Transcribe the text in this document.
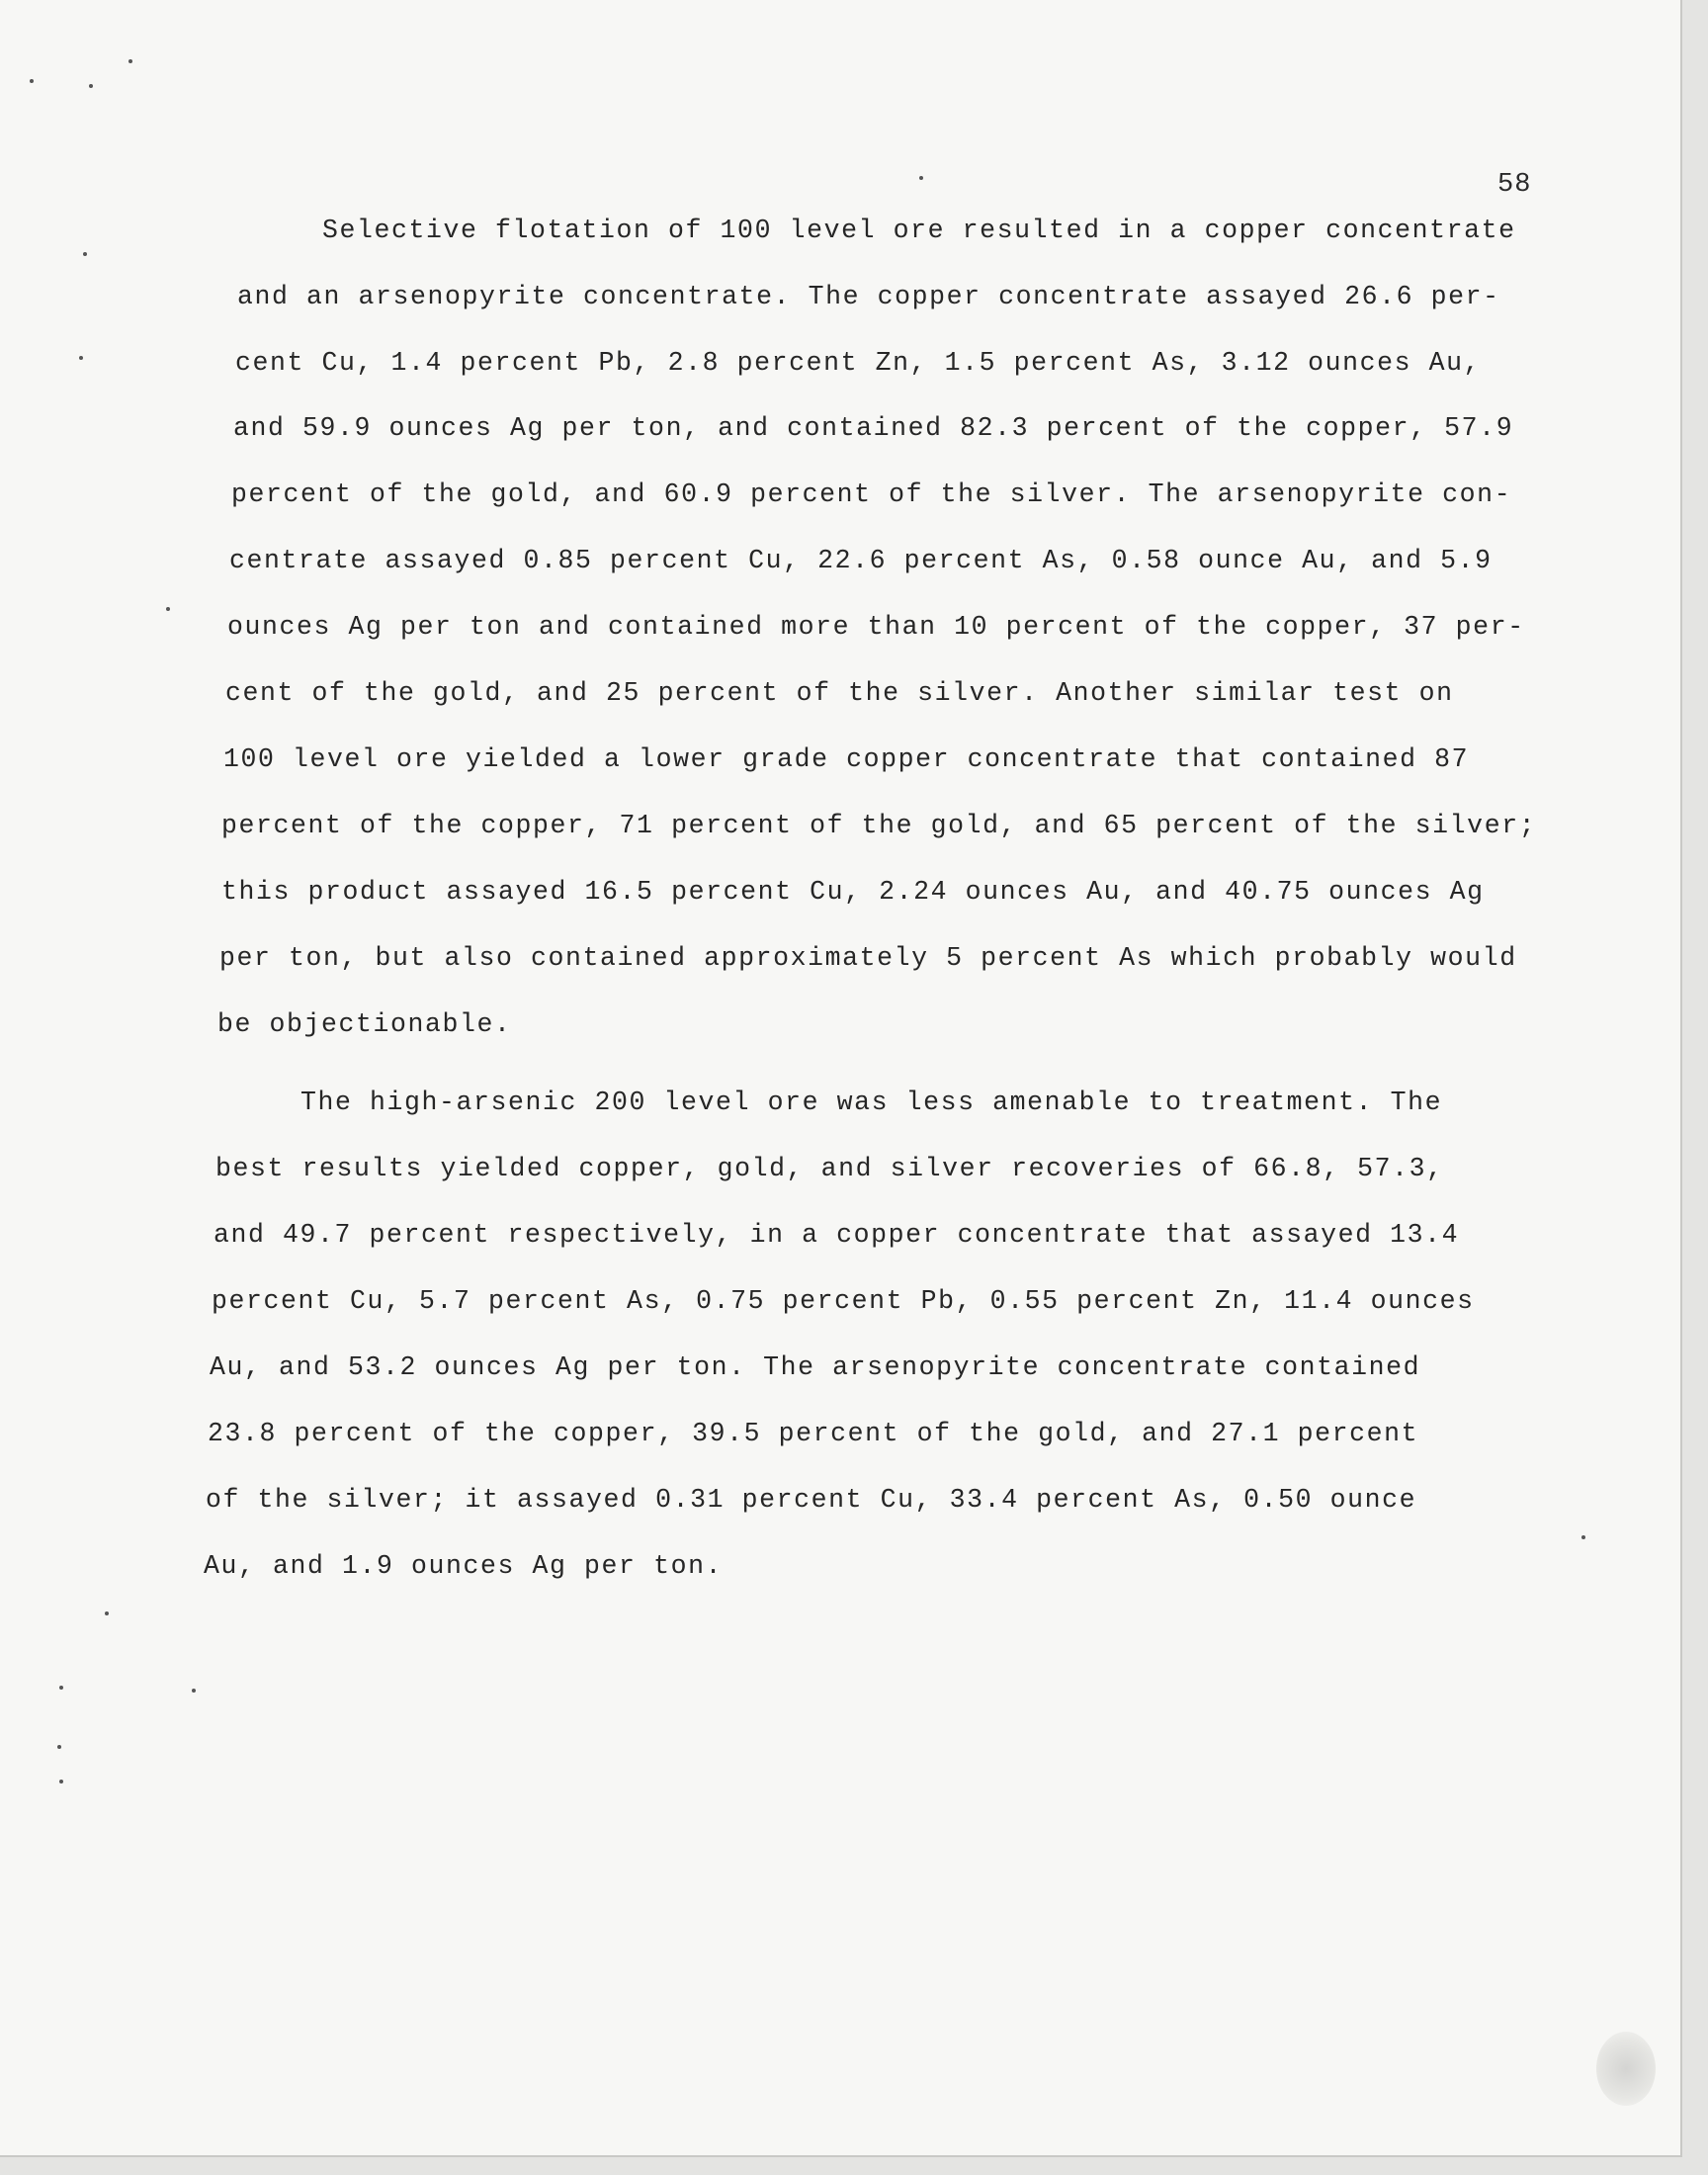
58
Selective flotation of 100 level ore resulted in a copper concentrate
and an arsenopyrite concentrate. The copper concentrate assayed 26.6 per-
cent Cu, 1.4 percent Pb, 2.8 percent Zn, 1.5 percent As, 3.12 ounces Au,
and 59.9 ounces Ag per ton, and contained 82.3 percent of the copper, 57.9
percent of the gold, and 60.9 percent of the silver. The arsenopyrite con-
centrate assayed 0.85 percent Cu, 22.6 percent As, 0.58 ounce Au, and 5.9
ounces Ag per ton and contained more than 10 percent of the copper, 37 per-
cent of the gold, and 25 percent of the silver. Another similar test on
100 level ore yielded a lower grade copper concentrate that contained 87
percent of the copper, 71 percent of the gold, and 65 percent of the silver;
this product assayed 16.5 percent Cu, 2.24 ounces Au, and 40.75 ounces Ag
per ton, but also contained approximately 5 percent As which probably would
be objectionable.
The high-arsenic 200 level ore was less amenable to treatment. The
best results yielded copper, gold, and silver recoveries of 66.8, 57.3,
and 49.7 percent respectively, in a copper concentrate that assayed 13.4
percent Cu, 5.7 percent As, 0.75 percent Pb, 0.55 percent Zn, 11.4 ounces
Au, and 53.2 ounces Ag per ton. The arsenopyrite concentrate contained
23.8 percent of the copper, 39.5 percent of the gold, and 27.1 percent
of the silver; it assayed 0.31 percent Cu, 33.4 percent As, 0.50 ounce
Au, and 1.9 ounces Ag per ton.
